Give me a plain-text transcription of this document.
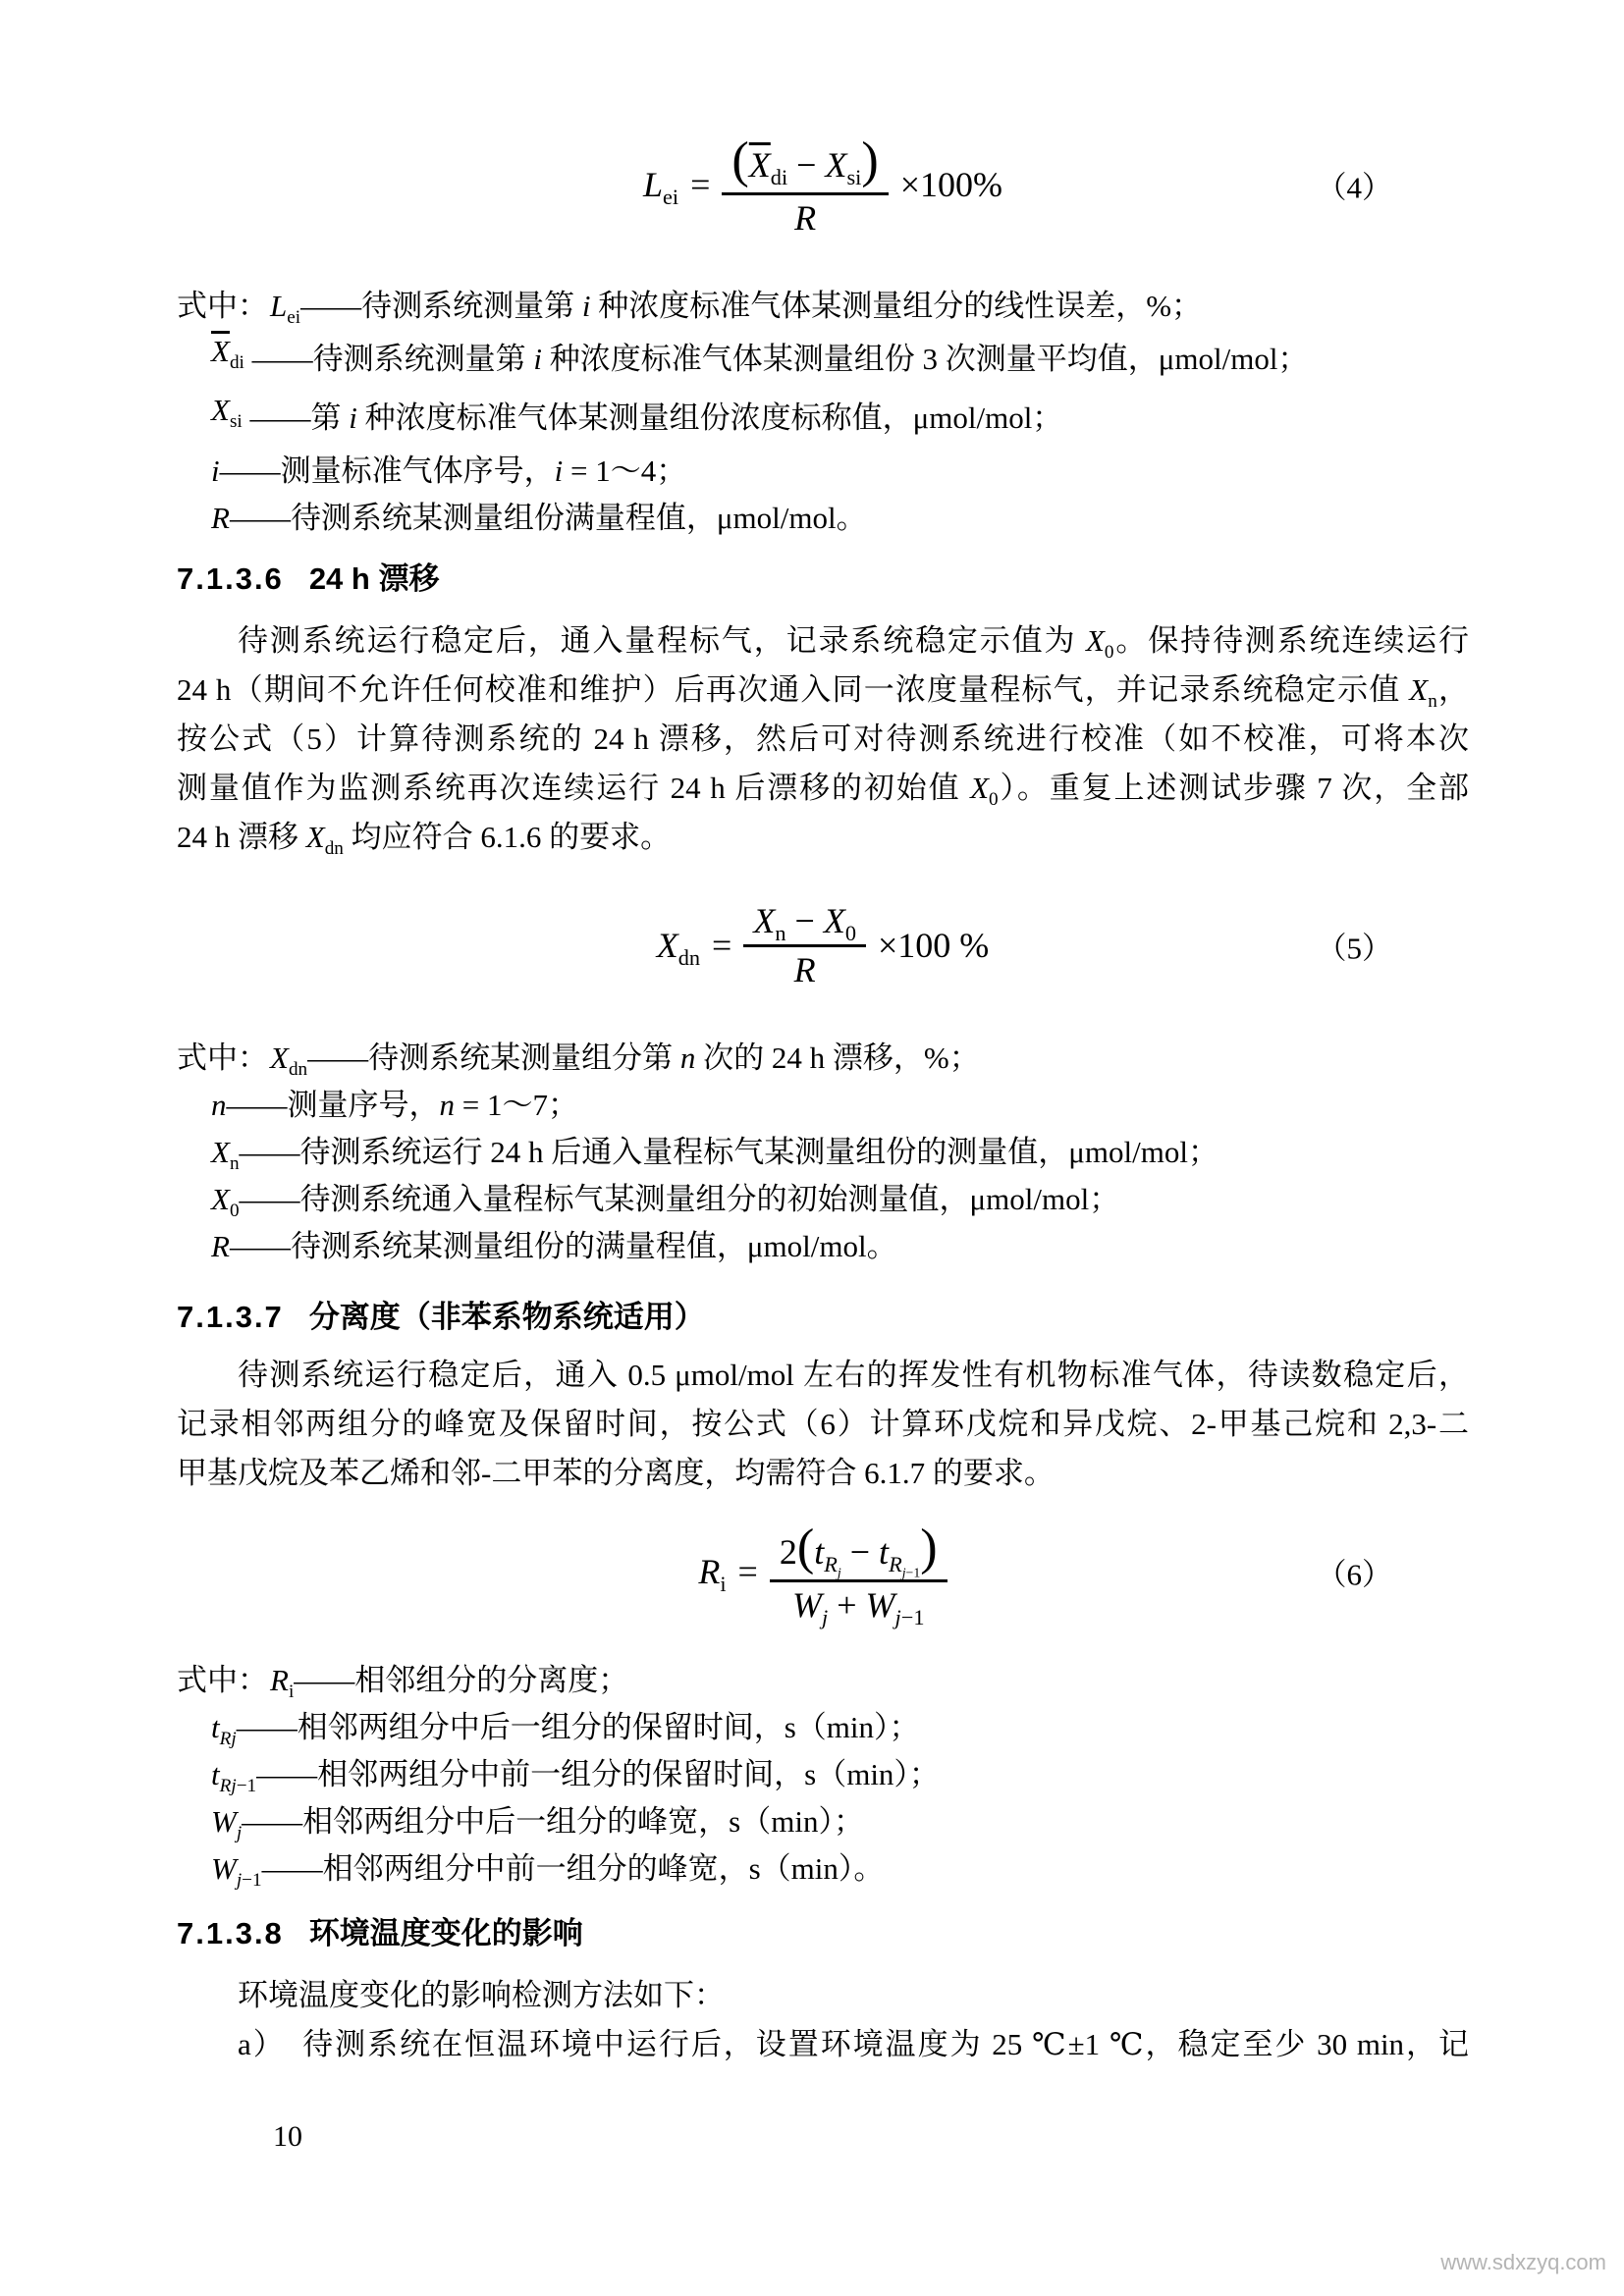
$L_{ei} = \frac{(\overline{X}_{di} - X_{si})}{R} \times 100\%$	（4）
式中：$L_{ei}——$待测系统测量第 i 种浓度标准气体某测量组分的线性误差，%；
$\overline{X}_{di}$ ——待测系统测量第 i 种浓度标准气体某测量组份 3 次测量平均值，μmol/mol；
$X_{si}$ ——第 i 种浓度标准气体某测量组份浓度标称值，μmol/mol；
i——测量标准气体序号，i = 1～4；
R——待测系统某测量组份满量程值，μmol/mol。
7.1.3.6 24 h 漂移
待测系统运行稳定后，通入量程标气，记录系统稳定示值为 $X_0$。保持待测系统连续运行
24 h（期间不允许任何校准和维护）后再次通入同一浓度量程标气，并记录系统稳定示值 $X_n$，
按公式（5）计算待测系统的 24 h 漂移，然后可对待测系统进行校准（如不校准，可将本次
测量值作为监测系统再次连续运行 24 h 后漂移的初始值 $X_0$）。重复上述测试步骤 7 次，全部
24 h 漂移 $X_{dn}$ 均应符合 6.1.6 的要求。
$X_{dn} = \frac{X_n - X_0}{R} \times 100$ %	（5）
式中：$X_{dn}——$待测系统某测量组分第 n 次的 24 h 漂移，%；
n——测量序号，n = 1～7；
$X_n——$待测系统运行 24 h 后通入量程标气某测量组份的测量值，μmol/mol；
$X_0——$待测系统通入量程标气某测量组分的初始测量值，μmol/mol；
R——待测系统某测量组份的满量程值，μmol/mol。
7.1.3.7 分离度（非苯系物系统适用）
待测系统运行稳定后，通入 0.5 μmol/mol 左右的挥发性有机物标准气体，待读数稳定后，
记录相邻两组分的峰宽及保留时间，按公式（6）计算环戊烷和异戊烷、2-甲基己烷和 2,3-二
甲基戊烷及苯乙烯和邻-二甲苯的分离度，均需符合 6.1.7 的要求。
$R_i = \frac{2(t_{R_j} - t_{R_{j-1}})}{W_j + W_{j-1}}$	（6）
式中：$R_i——$相邻组分的分离度；
$t_{Rj}——$相邻两组分中后一组分的保留时间，s（min）；
$t_{Rj-1}——$相邻两组分中前一组分的保留时间，s（min）；
$W_j——$相邻两组分中后一组分的峰宽，s（min）；
$W_{j-1}——$相邻两组分中前一组分的峰宽，s（min）。
7.1.3.8 环境温度变化的影响
环境温度变化的影响检测方法如下：
a）　待测系统在恒温环境中运行后，设置环境温度为 25 ℃±1 ℃，稳定至少 30 min，记
10
www.sdxzyq.com
